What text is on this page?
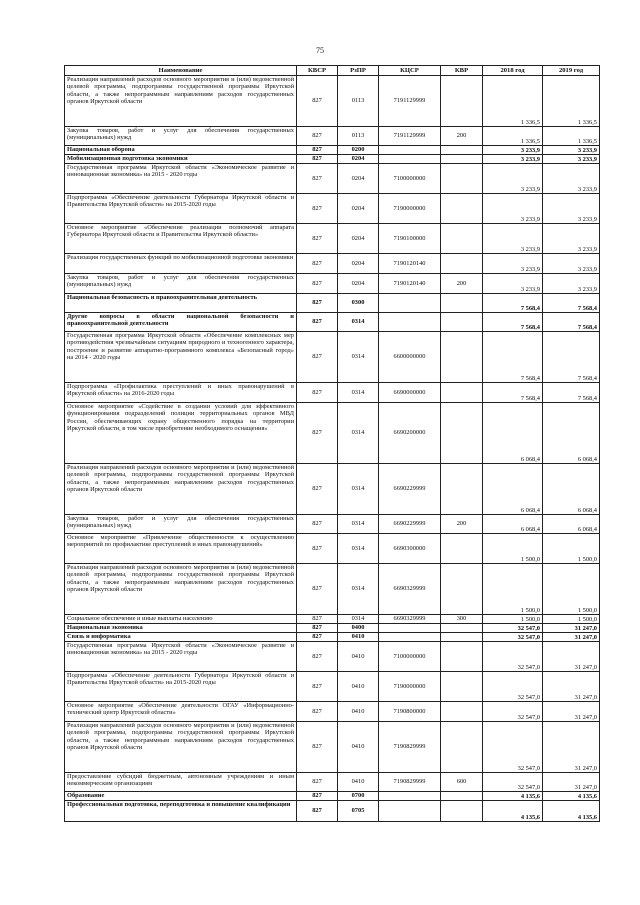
75
Наименование	КВСР	РзПР	КЦСР	КВР	2018 год	2019 год
Реализация направлений расходов основного мероприятия и (или) ведомственной целевой программы, подпрограммы государственной программы Иркутской области, а также непрограммным направлениям расходов государственных органов Иркутской области	827	0113	7191129999		1 336,5	1 336,5
Закупка товаров, работ и услуг для обеспечения государственных (муниципальных) нужд	827	0113	7191129999	200	1 336,5	1 336,5
Национальная оборона	827	0200			3 233,9	3 233,9
Мобилизационная подготовка экономики	827	0204			3 233,9	3 233,9
Государственная программа Иркутской области «Экономическое развитие и инновационная экономика» на 2015 - 2020 годы	827	0204	7100000000		3 233,9	3 233,9
Подпрограмма «Обеспечение деятельности Губернатора Иркутской области и Правительства Иркутской области» на 2015-2020 годы	827	0204	7190000000		3 233,9	3 233,9
Основное мероприятие «Обеспечение реализации полномочий аппарата Губернатора Иркутской области и Правительства Иркутской области»	827	0204	7190100000		3 233,9	3 233,9
Реализация государственных функций по мобилизационной подготовке экономики	827	0204	7190120140		3 233,9	3 233,9
Закупка товаров, работ и услуг для обеспечения государственных (муниципальных) нужд	827	0204	7190120140	200	3 233,9	3 233,9
Национальная безопасность и правоохранительная деятельность	827	0300			7 568,4	7 568,4
Другие вопросы в области национальной безопасности и правоохранительной деятельности	827	0314			7 568,4	7 568,4
Государственная программа Иркутской области «Обеспечение комплексных мер противодействия чрезвычайным ситуациям природного и техногенного характера, построение и развитие аппаратно-программного комплекса «Безопасный город» на 2014 - 2020 годы	827	0314	6600000000		7 568,4	7 568,4
Подпрограмма «Профилактика преступлений и иных правонарушений в Иркутской области» на 2016-2020 годы	827	0314	6690000000		7 568,4	7 568,4
Основное мероприятие «Содействие в создании условий для эффективного функционирования подразделений полиции территориальных органов МВД России, обеспечивающих охрану общественного порядка на территории Иркутской области, в том числе приобретение необходимого оснащения»	827	0314	6690200000		6 068,4	6 068,4
Реализация направлений расходов основного мероприятия и (или) ведомственной целевой программы, подпрограммы государственной программы Иркутской области, а также непрограммным направлениям расходов государственных органов Иркутской области	827	0314	6690229999		6 068,4	6 068,4
Закупка товаров, работ и услуг для обеспечения государственных (муниципальных) нужд	827	0314	6690229999	200	6 068,4	6 068,4
Основное мероприятие «Привлечение общественности к осуществлению мероприятий по профилактике преступлений и иных правонарушений»	827	0314	6690300000		1 500,0	1 500,0
Реализация направлений расходов основного мероприятия и (или) ведомственной целевой программы, подпрограммы государственной программы Иркутской области, а также непрограммным направлениям расходов государственных органов Иркутской области	827	0314	6690329999		1 500,0	1 500,0
Социальное обеспечение и иные выплаты населению	827	0314	6690329999	300	1 500,0	1 500,0
Национальная экономика	827	0400			32 547,0	31 247,0
Связь и информатика	827	0410			32 547,0	31 247,0
Государственная программа Иркутской области «Экономическое развитие и инновационная экономика» на 2015 - 2020 годы	827	0410	7100000000		32 547,0	31 247,0
Подпрограмма «Обеспечение деятельности Губернатора Иркутской области и Правительства Иркутской области» на 2015-2020 годы	827	0410	7190000000		32 547,0	31 247,0
Основное мероприятие «Обеспечение деятельности ОГАУ «Информационно-технический центр Иркутской области»	827	0410	7190800000		32 547,0	31 247,0
Реализация направлений расходов основного мероприятия и (или) ведомственной целевой программы, подпрограммы государственной программы Иркутской области, а также непрограммным направлениям расходов государственных органов Иркутской области	827	0410	7190829999		32 547,0	31 247,0
Предоставление субсидий бюджетным, автономным учреждениям и иным некоммерческим организациям	827	0410	7190829999	600	32 547,0	31 247,0
Образование	827	0700			4 135,6	4 135,6
Профессиональная подготовка, переподготовка и повышение квалификации	827	0705			4 135,6	4 135,6
